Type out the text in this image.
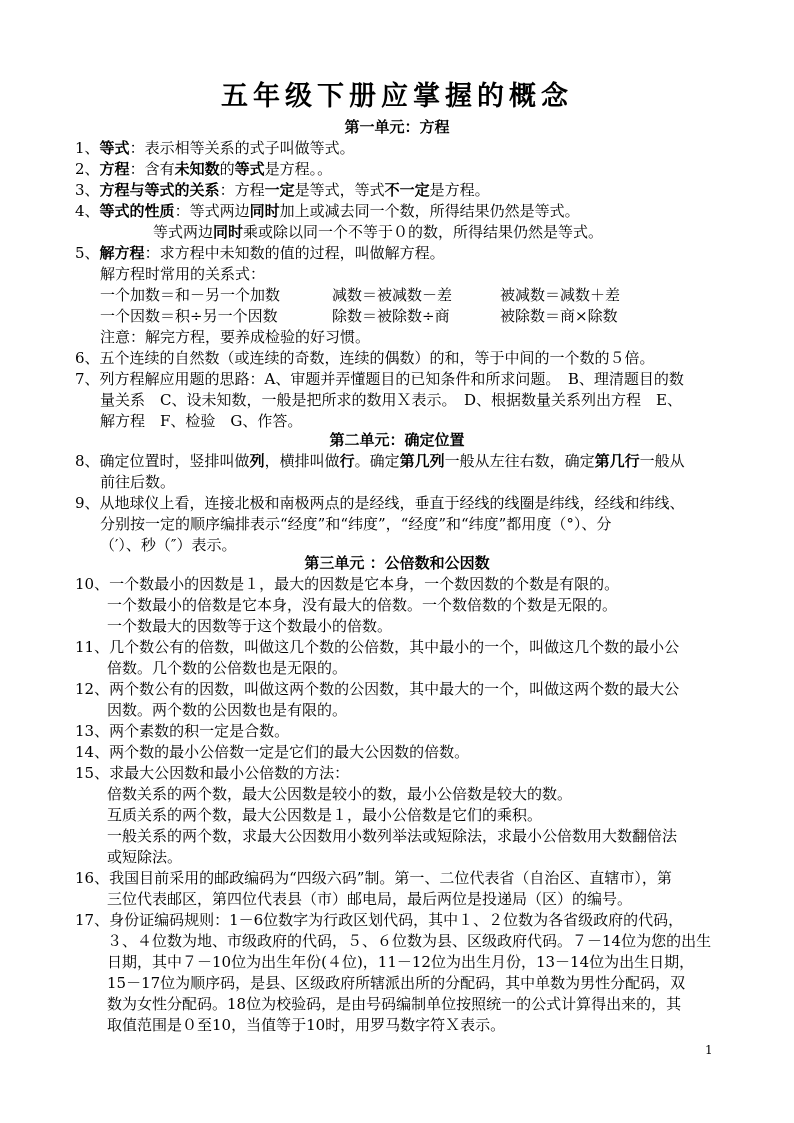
五年级下册应掌握的概念
第一单元：方程
1、等式：表示相等关系的式子叫做等式。
2、方程：含有未知数的等式是方程。。
3、方程与等式的关系：方程一定是等式，等式不一定是方程。
4、等式的性质：等式两边同时加上或减去同一个数，所得结果仍然是等式。
等式两边同时乘或除以同一个不等于０的数，所得结果仍然是等式。
5、解方程：求方程中未知数的值的过程，叫做解方程。
解方程时常用的关系式：
一个加数＝和－另一个加数	减数＝被减数－差	被减数＝减数＋差
一个因数＝积÷另一个因数	除数＝被除数÷商	被除数＝商×除数
注意：解完方程，要养成检验的好习惯。
6、五个连续的自然数（或连续的奇数，连续的偶数）的和，等于中间的一个数的５倍。
7、列方程解应用题的思路：A、审题并弄懂题目的已知条件和所求问题。　B、理清题目的数
量关系　C、设未知数，一般是把所求的数用Ｘ表示。　D、根据数量关系列出方程　E、
解方程　F、检验　G、作答。
第二单元：确定位置
8、确定位置时，竖排叫做列，横排叫做行。确定第几列一般从左往右数，确定第几行一般从
前往后数。
9、从地球仪上看，连接北极和南极两点的是经线，垂直于经线的线圈是纬线，经线和纬线、
分别按一定的顺序编排表示“经度”和“纬度”，“经度”和“纬度”都用度（°）、分
（′）、秒（″）表示。
第三单元 ：公倍数和公因数
10、一个数最小的因数是１，最大的因数是它本身，一个数因数的个数是有限的。
一个数最小的倍数是它本身，没有最大的倍数。一个数倍数的个数是无限的。
一个数最大的因数等于这个数最小的倍数。
11、几个数公有的倍数，叫做这几个数的公倍数，其中最小的一个，叫做这几个数的最小公
倍数。几个数的公倍数也是无限的。
12、两个数公有的因数，叫做这两个数的公因数，其中最大的一个，叫做这两个数的最大公
因数。两个数的公因数也是有限的。
13、两个素数的积一定是合数。
14、两个数的最小公倍数一定是它们的最大公因数的倍数。
15、求最大公因数和最小公倍数的方法：
倍数关系的两个数，最大公因数是较小的数，最小公倍数是较大的数。
互质关系的两个数，最大公因数是１，最小公倍数是它们的乘积。
一般关系的两个数，求最大公因数用小数列举法或短除法，求最小公倍数用大数翻倍法
或短除法。
16、我国目前采用的邮政编码为“四级六码”制。第一、二位代表省（自治区、直辖市），第
三位代表邮区，第四位代表县（市）邮电局，最后两位是投递局（区）的编号。
17、身份证编码规则：1－6位数字为行政区划代码，其中１、２位数为各省级政府的代码，
３、４位数为地、市级政府的代码，５、６位数为县、区级政府代码。７－14位为您的出生
日期，其中７－10位为出生年份(４位)，11－12位为出生月份，13－14位为出生日期，
15－17位为顺序码，是县、区级政府所辖派出所的分配码，其中单数为男性分配码，双
数为女性分配码。18位为校验码，是由号码编制单位按照统一的公式计算得出来的，其
取值范围是０至10，当值等于10时，用罗马数字符Ｘ表示。
1
